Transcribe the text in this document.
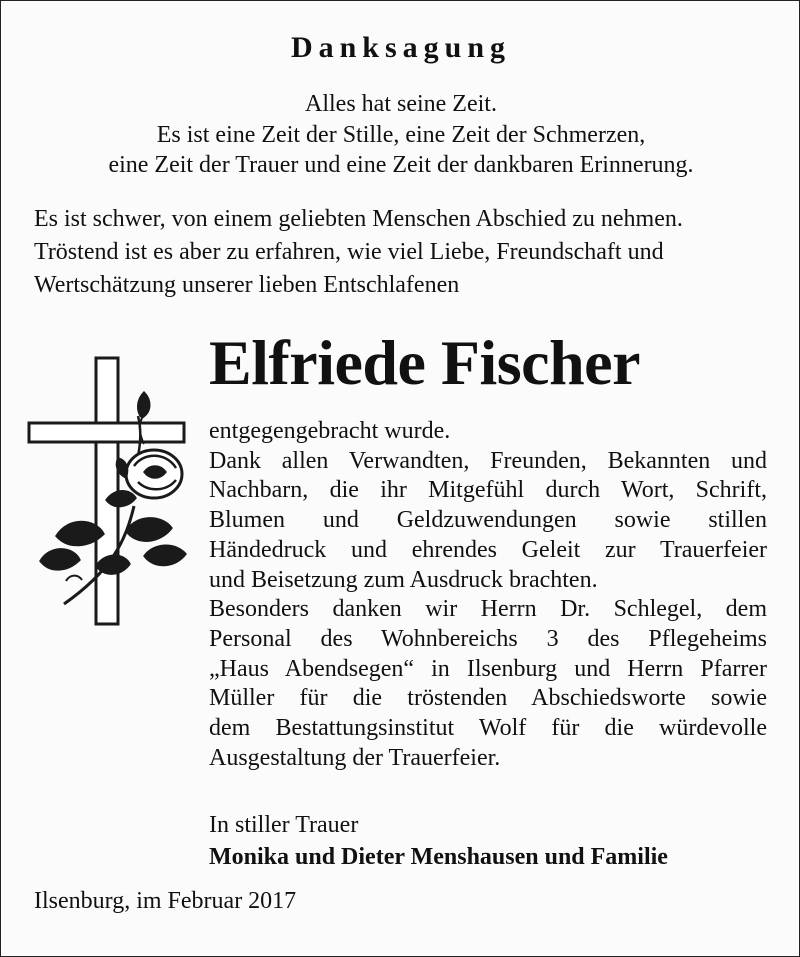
Danksagung
Alles hat seine Zeit.
Es ist eine Zeit der Stille, eine Zeit der Schmerzen,
eine Zeit der Trauer und eine Zeit der dankbaren Erinnerung.
Es ist schwer, von einem geliebten Menschen Abschied zu nehmen.
Tröstend ist es aber zu erfahren, wie viel Liebe, Freundschaft und
Wertschätzung unserer lieben Entschlafenen
Elfriede Fischer
entgegengebracht wurde.
Dank allen Verwandten, Freunden, Bekannten und
Nachbarn, die ihr Mitgefühl durch Wort, Schrift,
Blumen und Geldzuwendungen sowie stillen
Händedruck und ehrendes Geleit zur Trauerfeier
und Beisetzung zum Ausdruck brachten.
Besonders danken wir Herrn Dr. Schlegel, dem
Personal des Wohnbereichs 3 des Pflegeheims
„Haus Abendsegen“ in Ilsenburg und Herrn Pfarrer
Müller für die tröstenden Abschiedsworte sowie
dem Bestattungsinstitut Wolf für die würdevolle
Ausgestaltung der Trauerfeier.
In stiller Trauer
Monika und Dieter Menshausen und Familie
Ilsenburg, im Februar 2017
